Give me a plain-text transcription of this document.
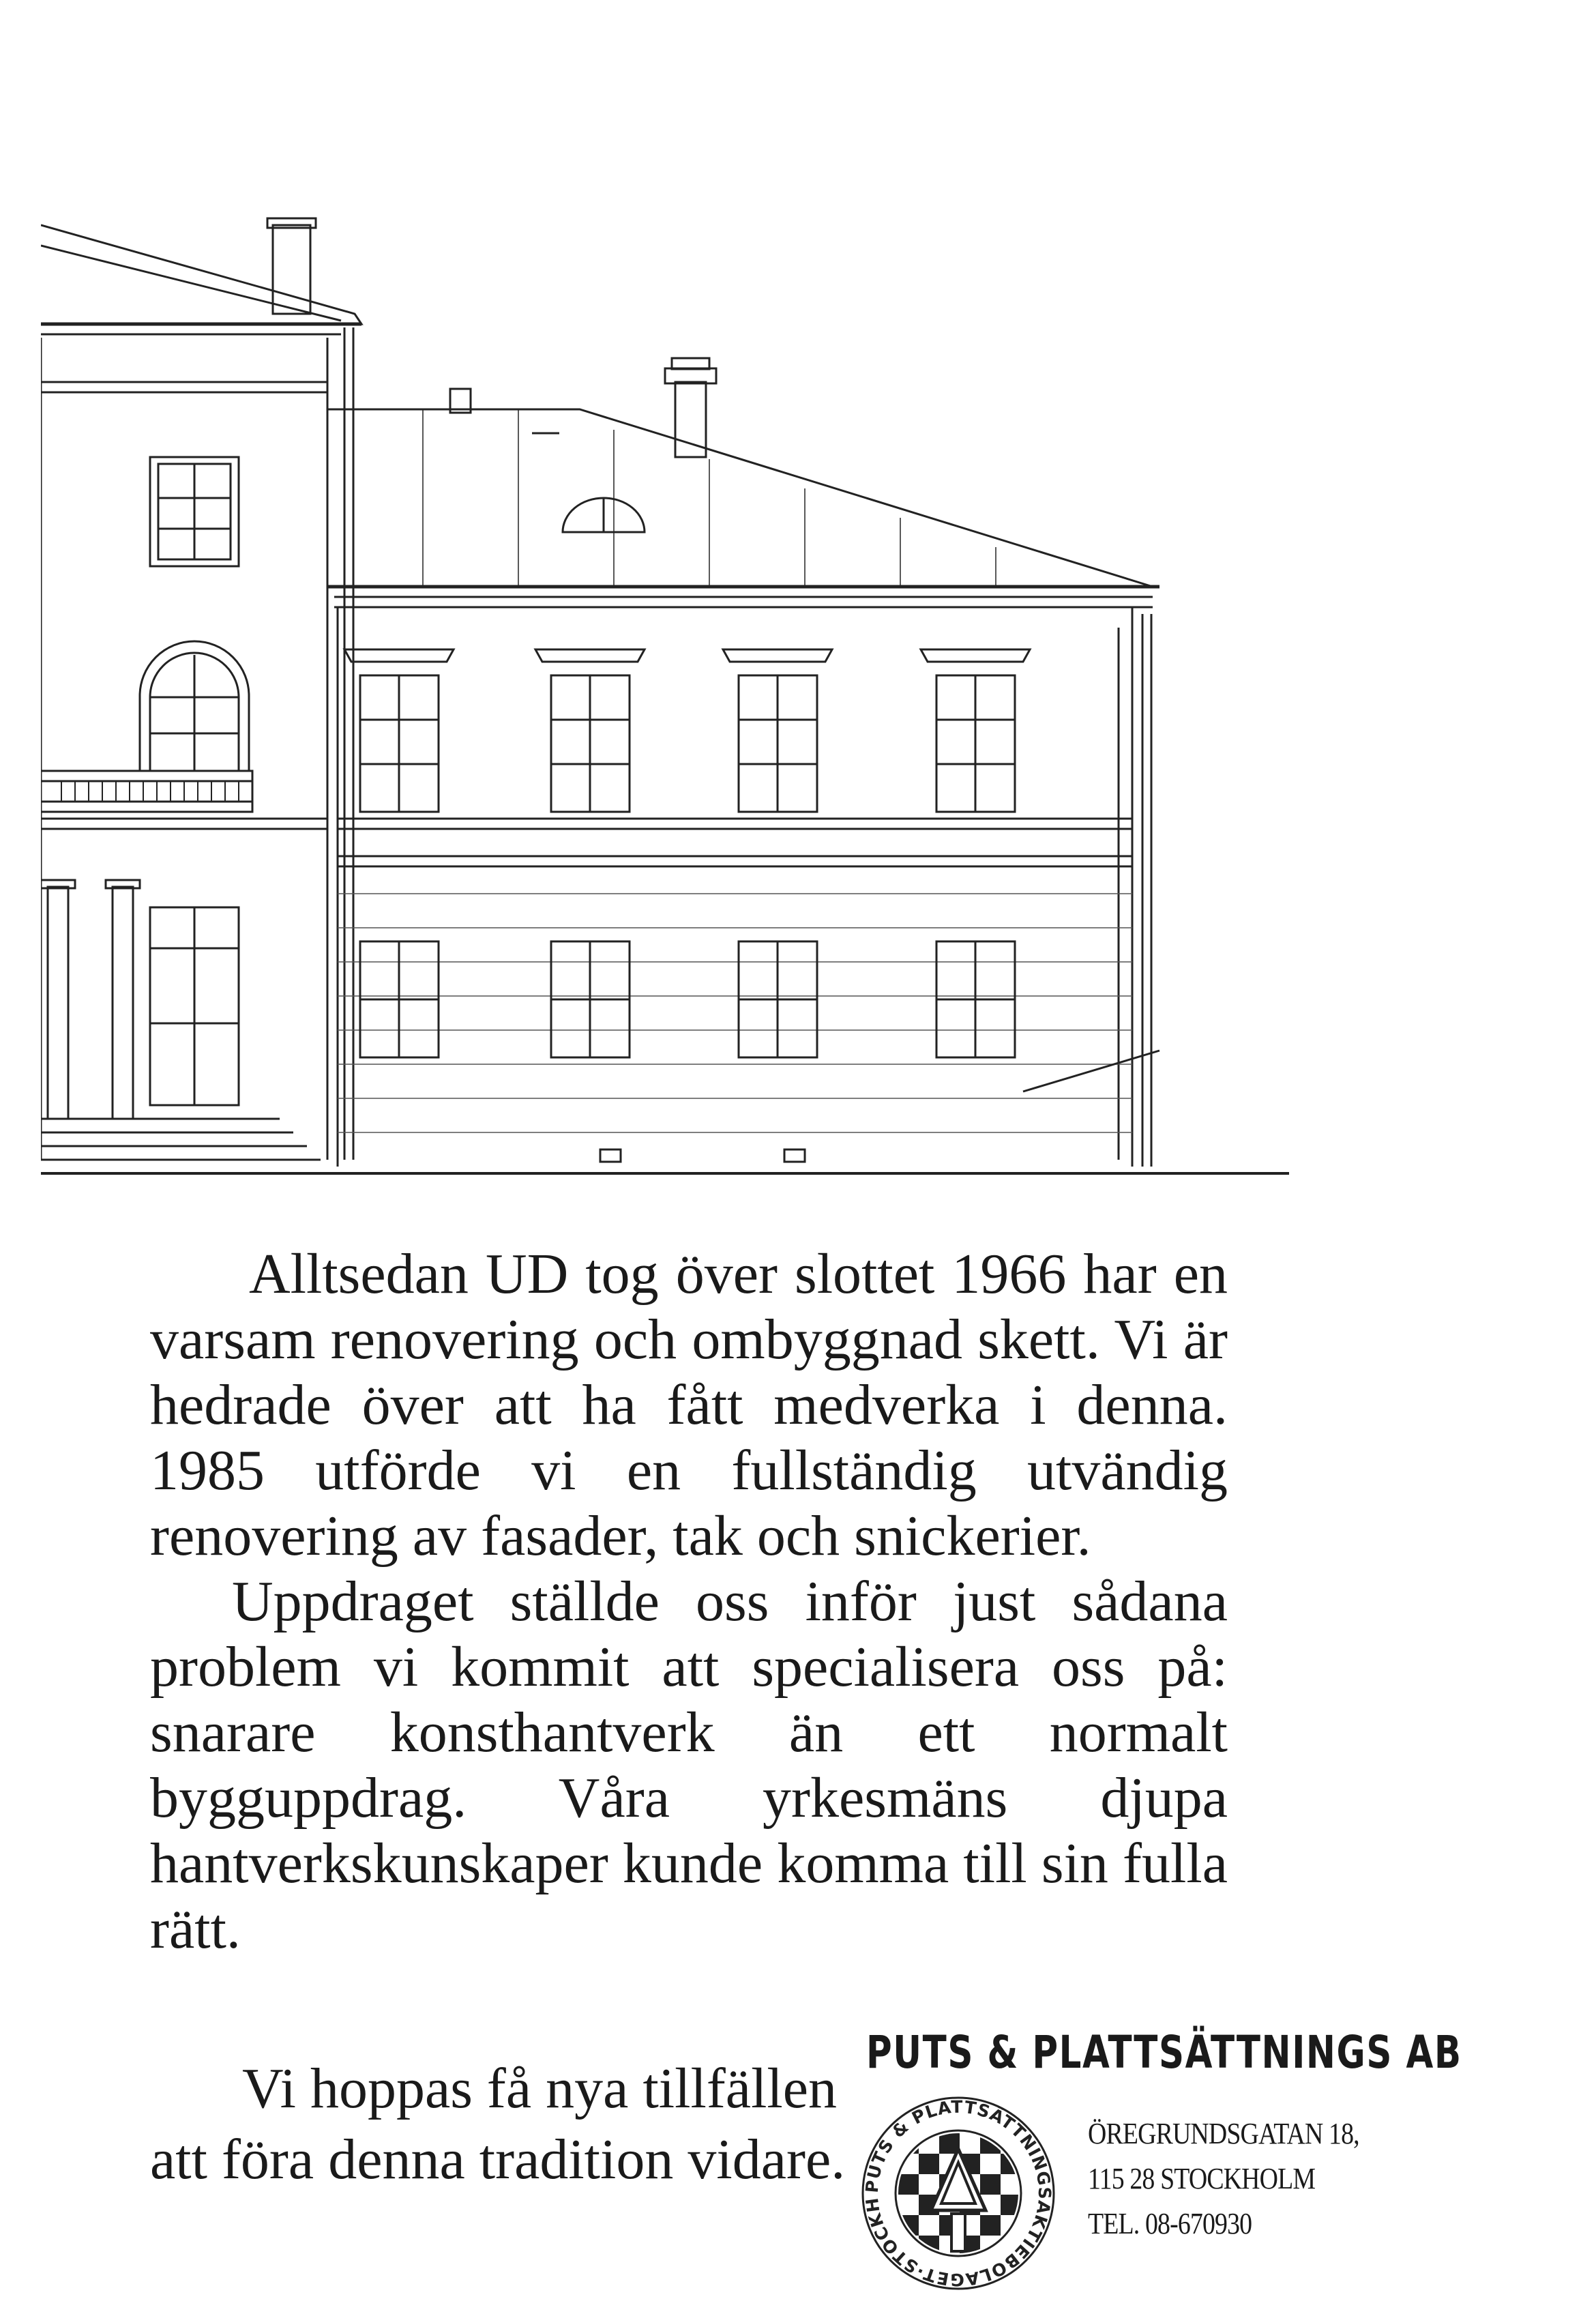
Alltsedan UD tog över slottet 1966 har en varsam renovering och ombyggnad skett. Vi är hedrade över att ha fått medverka i denna. 1985 utförde vi en fullständig utvändig renovering av fasader, tak och snickerier.

Uppdraget ställde oss inför just sådana problem vi kommit att specialisera oss på: snarare konsthantverk än ett normalt bygguppdrag. Våra yrkesmäns djupa hantverkskunskaper kunde komma till sin fulla rätt.

Vi hoppas få nya tillfällen
att föra denna tradition vidare.
PUTS & PLATTSÄTTNINGS AB
PUTS & PLATTSÄTTNINGSAKTIEBOLAGET·STOCKH
ÖREGRUNDSGATAN 18,
115 28 STOCKHOLM
TEL. 08-670930
